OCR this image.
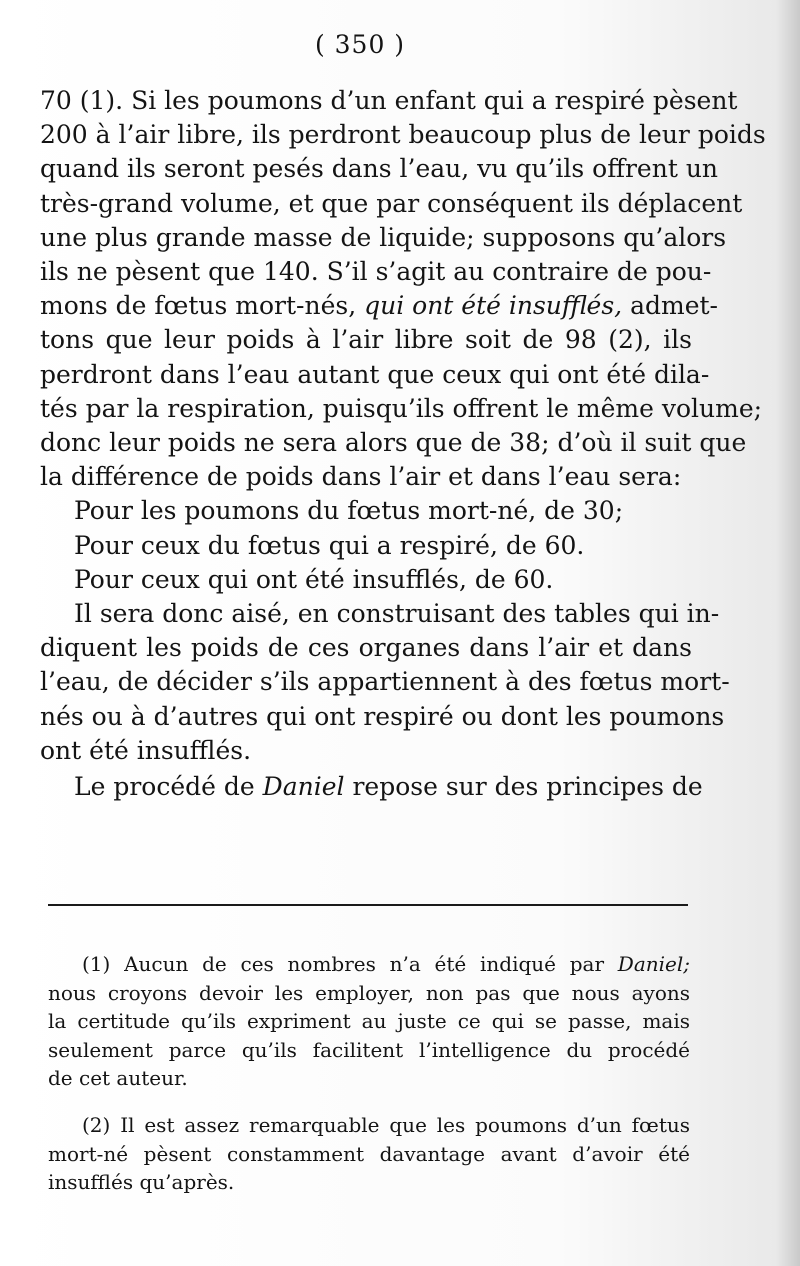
( 350 )
70 (1). Si les poumons d’un enfant qui a respiré pèsent
200 à l’air libre, ils perdront beaucoup plus de leur poids
quand ils seront pesés dans l’eau, vu qu’ils offrent un
très-grand volume, et que par conséquent ils déplacent
une plus grande masse de liquide; supposons qu’alors
ils ne pèsent que 140. S’il s’agit au contraire de pou-
mons de fœtus mort-nés, qui ont été insufflés, admet-
tons que leur poids à l’air libre soit de 98 (2), ils
perdront dans l’eau autant que ceux qui ont été dila-
tés par la respiration, puisqu’ils offrent le même volume;
donc leur poids ne sera alors que de 38; d’où il suit que
la différence de poids dans l’air et dans l’eau sera:
Pour les poumons du fœtus mort-né, de 30;
Pour ceux du fœtus qui a respiré, de 60.
Pour ceux qui ont été insufflés, de 60.
Il sera donc aisé, en construisant des tables qui in-
diquent les poids de ces organes dans l’air et dans
l’eau, de décider s’ils appartiennent à des fœtus mort-
nés ou à d’autres qui ont respiré ou dont les poumons
ont été insufflés.
Le procédé de Daniel repose sur des principes de
(1) Aucun de ces nombres n’a été indiqué par Daniel;
nous croyons devoir les employer, non pas que nous ayons
la certitude qu’ils expriment au juste ce qui se passe, mais
seulement parce qu’ils facilitent l’intelligence du procédé
de cet auteur.
(2) Il est assez remarquable que les poumons d’un fœtus
mort-né pèsent constamment davantage avant d’avoir été
insufflés qu’après.
